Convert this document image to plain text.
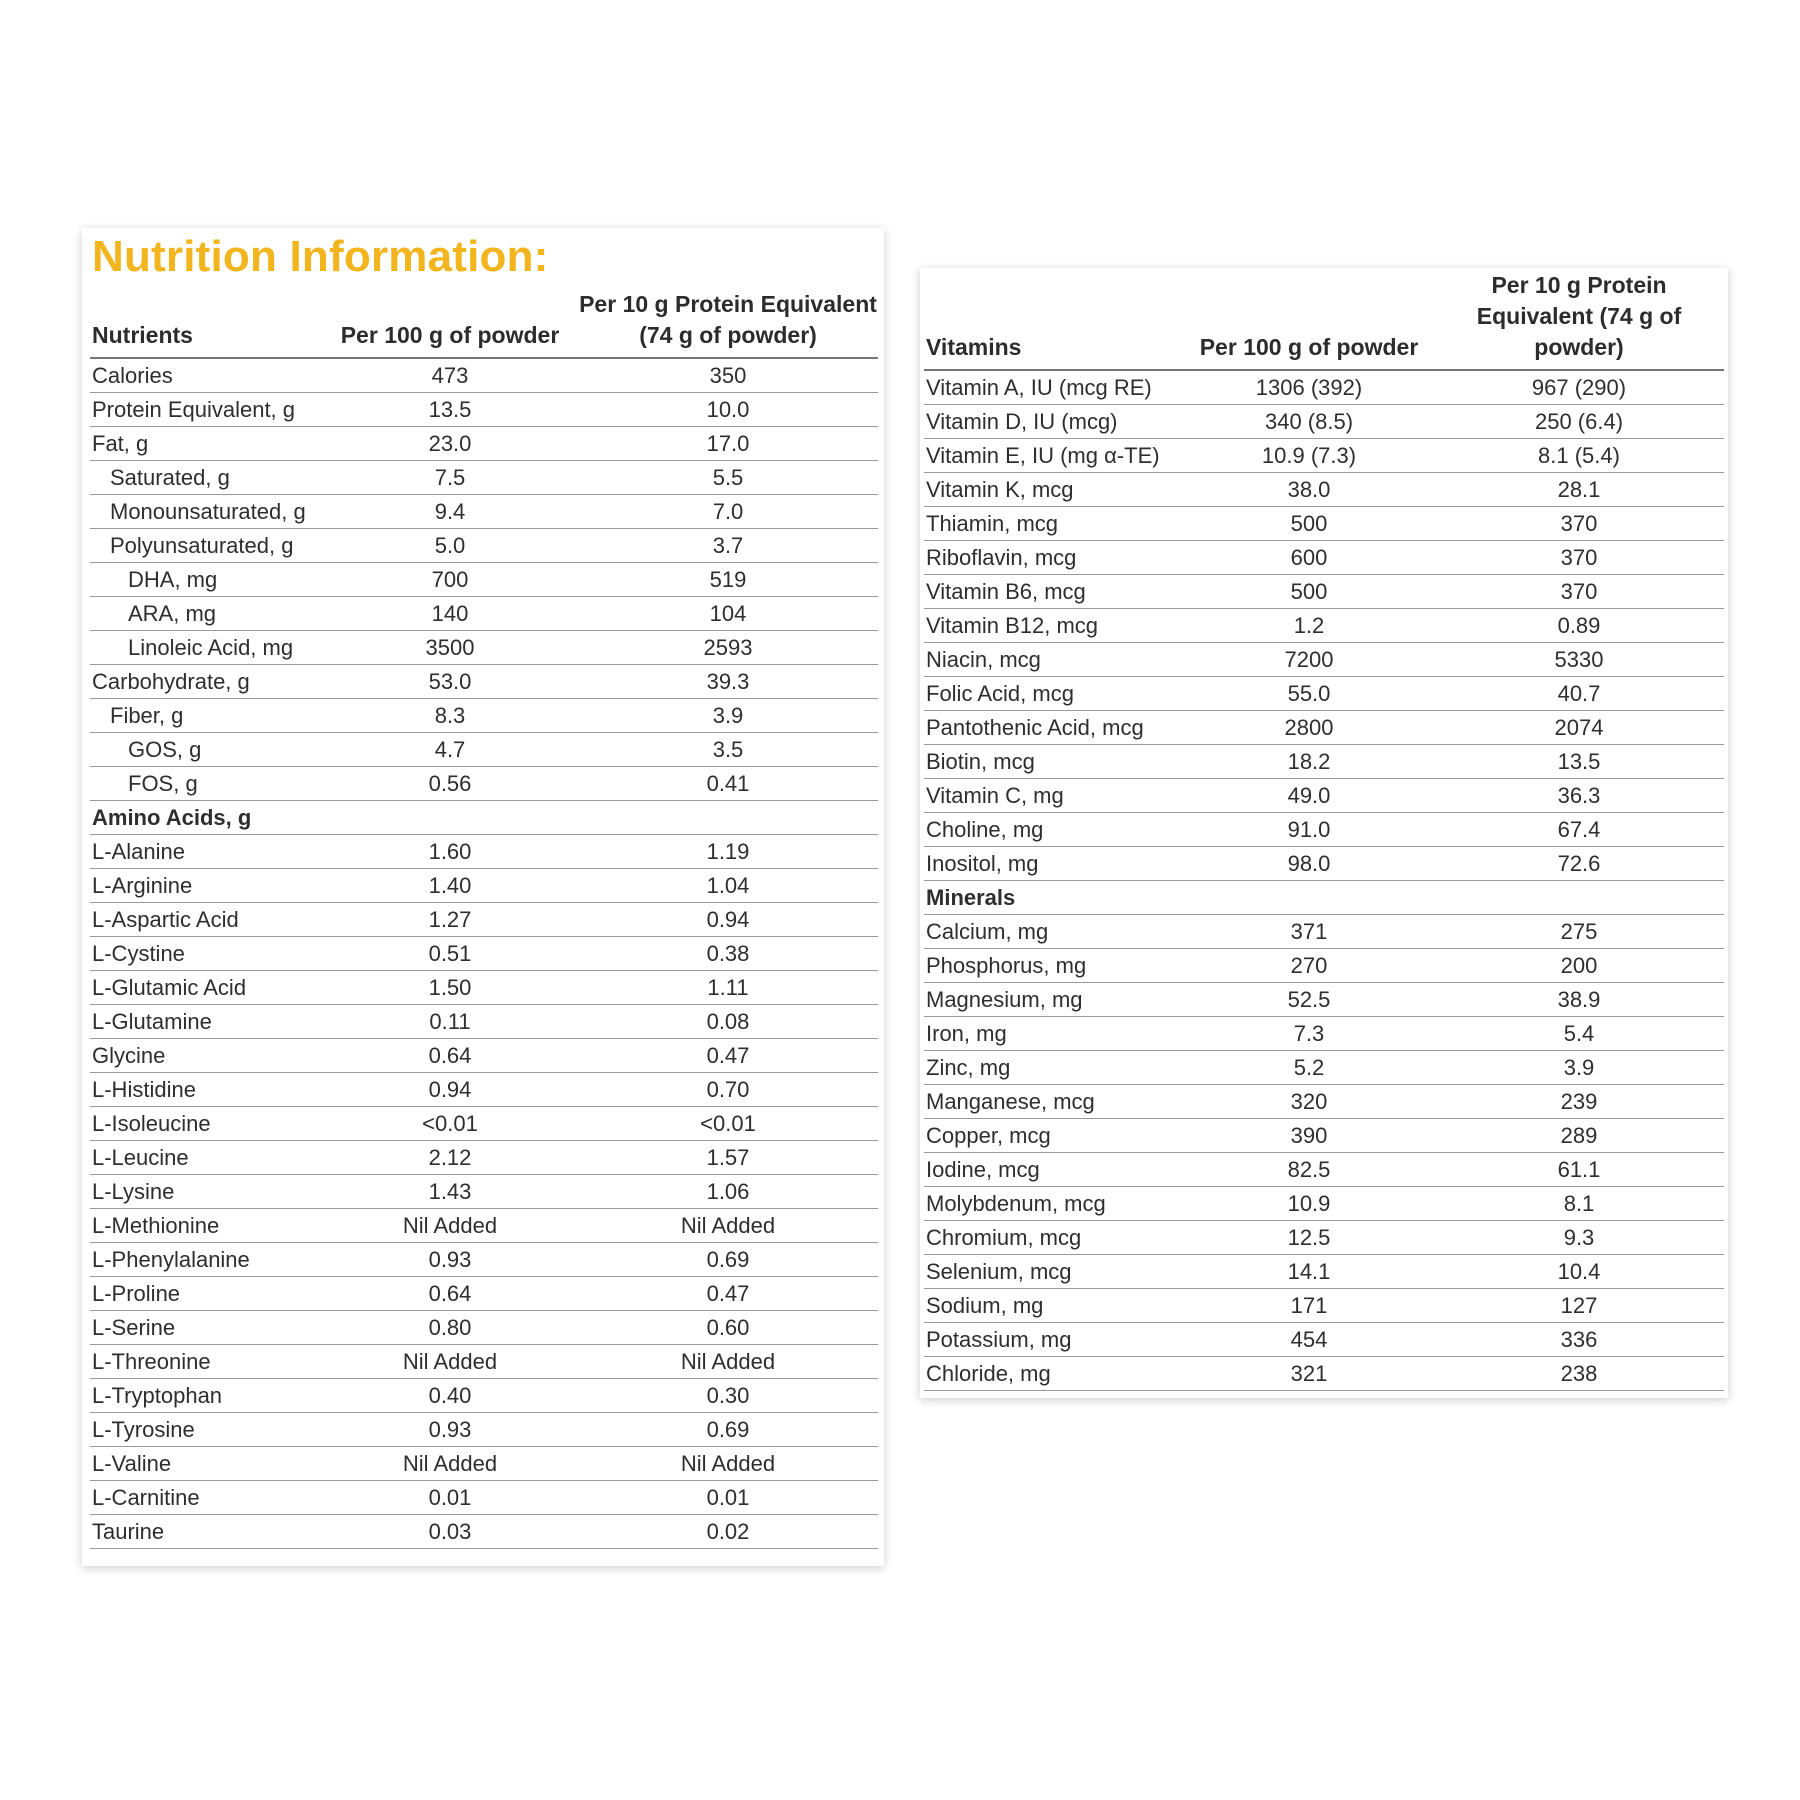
Nutrition Information:
Nutrients	Per 100 g of powder	Per 10 g Protein Equivalent (74 g of powder)
Calories	473	350
Protein Equivalent, g	13.5	10.0
Fat, g	23.0	17.0
Saturated, g	7.5	5.5
Monounsaturated, g	9.4	7.0
Polyunsaturated, g	5.0	3.7
DHA, mg	700	519
ARA, mg	140	104
Linoleic Acid, mg	3500	2593
Carbohydrate, g	53.0	39.3
Fiber, g	8.3	3.9
GOS, g	4.7	3.5
FOS, g	0.56	0.41
Amino Acids, g		
L-Alanine	1.60	1.19
L-Arginine	1.40	1.04
L-Aspartic Acid	1.27	0.94
L-Cystine	0.51	0.38
L-Glutamic Acid	1.50	1.11
L-Glutamine	0.11	0.08
Glycine	0.64	0.47
L-Histidine	0.94	0.70
L-Isoleucine	<0.01	<0.01
L-Leucine	2.12	1.57
L-Lysine	1.43	1.06
L-Methionine	Nil Added	Nil Added
L-Phenylalanine	0.93	0.69
L-Proline	0.64	0.47
L-Serine	0.80	0.60
L-Threonine	Nil Added	Nil Added
L-Tryptophan	0.40	0.30
L-Tyrosine	0.93	0.69
L-Valine	Nil Added	Nil Added
L-Carnitine	0.01	0.01
Taurine	0.03	0.02
Vitamins	Per 100 g of powder	Per 10 g Protein Equivalent (74 g of powder)
Vitamin A, IU (mcg RE)	1306 (392)	967 (290)
Vitamin D, IU (mcg)	340 (8.5)	250 (6.4)
Vitamin E, IU (mg α-TE)	10.9 (7.3)	8.1 (5.4)
Vitamin K, mcg	38.0	28.1
Thiamin, mcg	500	370
Riboflavin, mcg	600	370
Vitamin B6, mcg	500	370
Vitamin B12, mcg	1.2	0.89
Niacin, mcg	7200	5330
Folic Acid, mcg	55.0	40.7
Pantothenic Acid, mcg	2800	2074
Biotin, mcg	18.2	13.5
Vitamin C, mg	49.0	36.3
Choline, mg	91.0	67.4
Inositol, mg	98.0	72.6
Minerals		
Calcium, mg	371	275
Phosphorus, mg	270	200
Magnesium, mg	52.5	38.9
Iron, mg	7.3	5.4
Zinc, mg	5.2	3.9
Manganese, mcg	320	239
Copper, mcg	390	289
Iodine, mcg	82.5	61.1
Molybdenum, mcg	10.9	8.1
Chromium, mcg	12.5	9.3
Selenium, mcg	14.1	10.4
Sodium, mg	171	127
Potassium, mg	454	336
Chloride, mg	321	238
